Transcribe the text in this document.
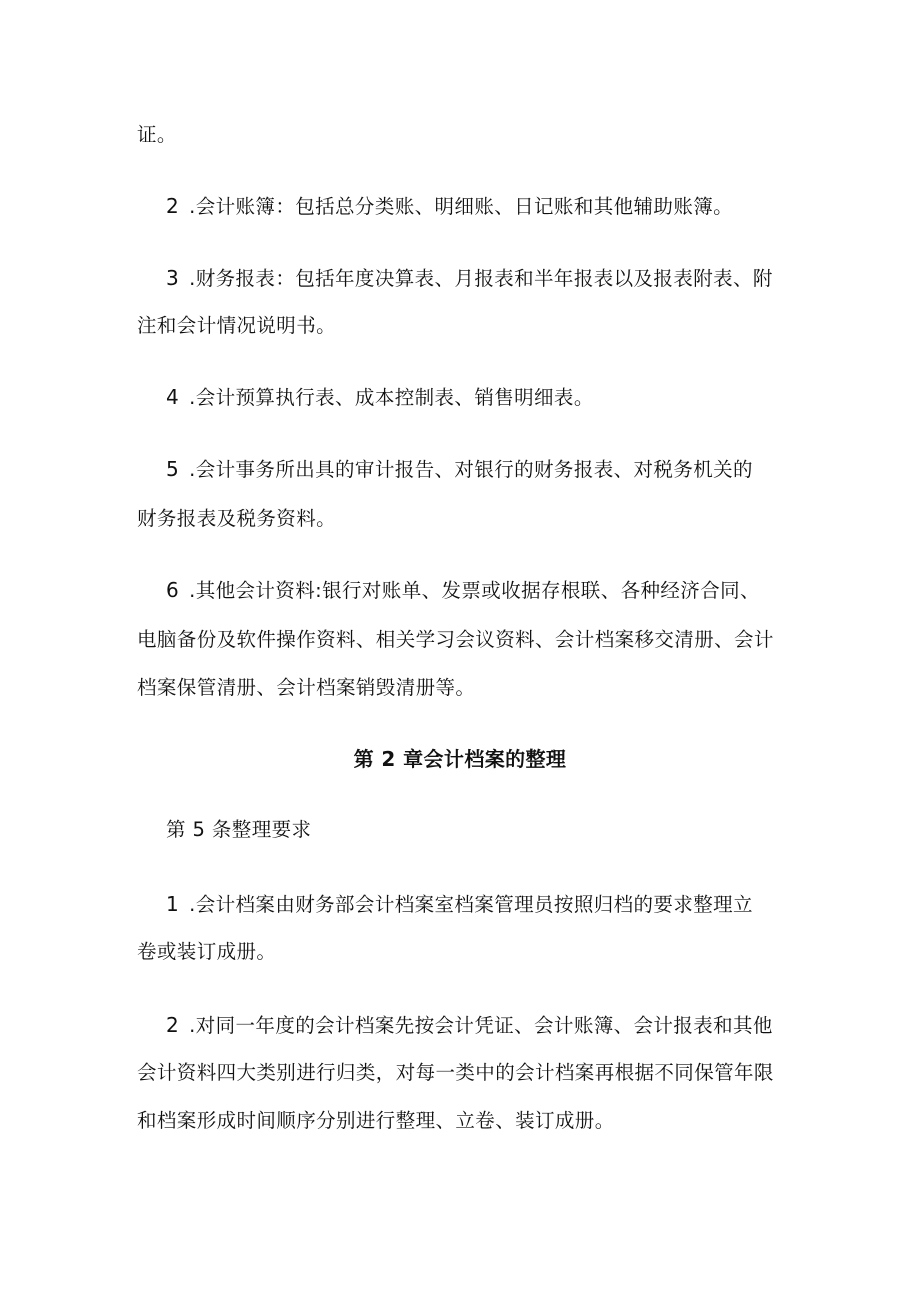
证。
2 .会计账簿：包括总分类账、明细账、日记账和其他辅助账簿。
3 .财务报表：包括年度决算表、月报表和半年报表以及报表附表、附
注和会计情况说明书。
4 .会计预算执行表、成本控制表、销售明细表。
5 .会计事务所出具的审计报告、对银行的财务报表、对税务机关的
财务报表及税务资料。
6 .其他会计资料:银行对账单、发票或收据存根联、各种经济合同、
电脑备份及软件操作资料、相关学习会议资料、会计档案移交清册、会计
档案保管清册、会计档案销毁清册等。
第 2 章会计档案的整理
第 5 条整理要求
1 .会计档案由财务部会计档案室档案管理员按照归档的要求整理立
卷或装订成册。
2 .对同一年度的会计档案先按会计凭证、会计账簿、会计报表和其他
会计资料四大类别进行归类，对每一类中的会计档案再根据不同保管年限
和档案形成时间顺序分别进行整理、立卷、装订成册。
